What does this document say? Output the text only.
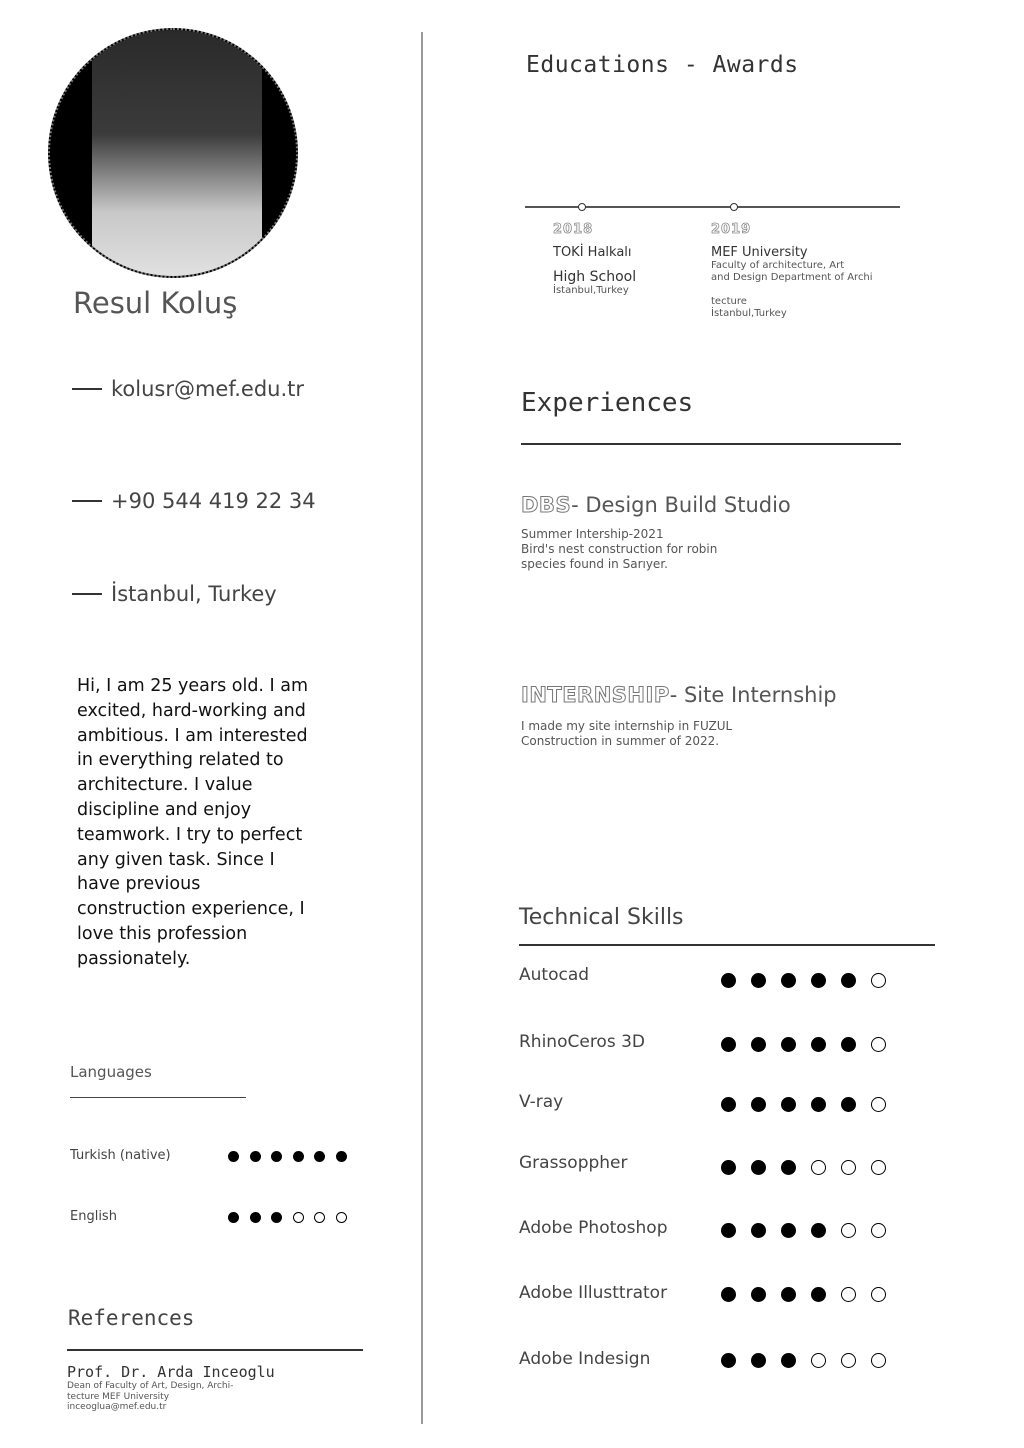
Resul Koluş
kolusr@mef.edu.tr
+90 544 419 22 34
İstanbul, Turkey
Hi, I am 25 years old. I am excited, hard-working and ambitious. I am interested in everything related to architecture. I value discipline and enjoy teamwork. I try to perfect any given task. Since I have previous construction experience, I love this profession passionately.
Languages
Turkish (native)
English
References
Prof. Dr. Arda Inceoglu
Dean of Faculty of Art, Design, Archi-
tecture MEF University
inceoglua@mef.edu.tr
Educations - Awards
2018
TOKİ Halkalı
High School
İstanbul,Turkey
2019
MEF University
Faculty of architecture, Art
and Design Department of Archi
tecture
İstanbul,Turkey
Experiences
DBS- Design Build Studio
Summer Intership-2021
Bird's nest construction for robin
species found in Sarıyer.
INTERNSHIP- Site Internship
I made my site internship in FUZUL
Construction in summer of 2022.
Technical Skills
Autocad
RhinoCeros 3D
V-ray
Grassoppher
Adobe Photoshop
Adobe Illusttrator
Adobe Indesign
